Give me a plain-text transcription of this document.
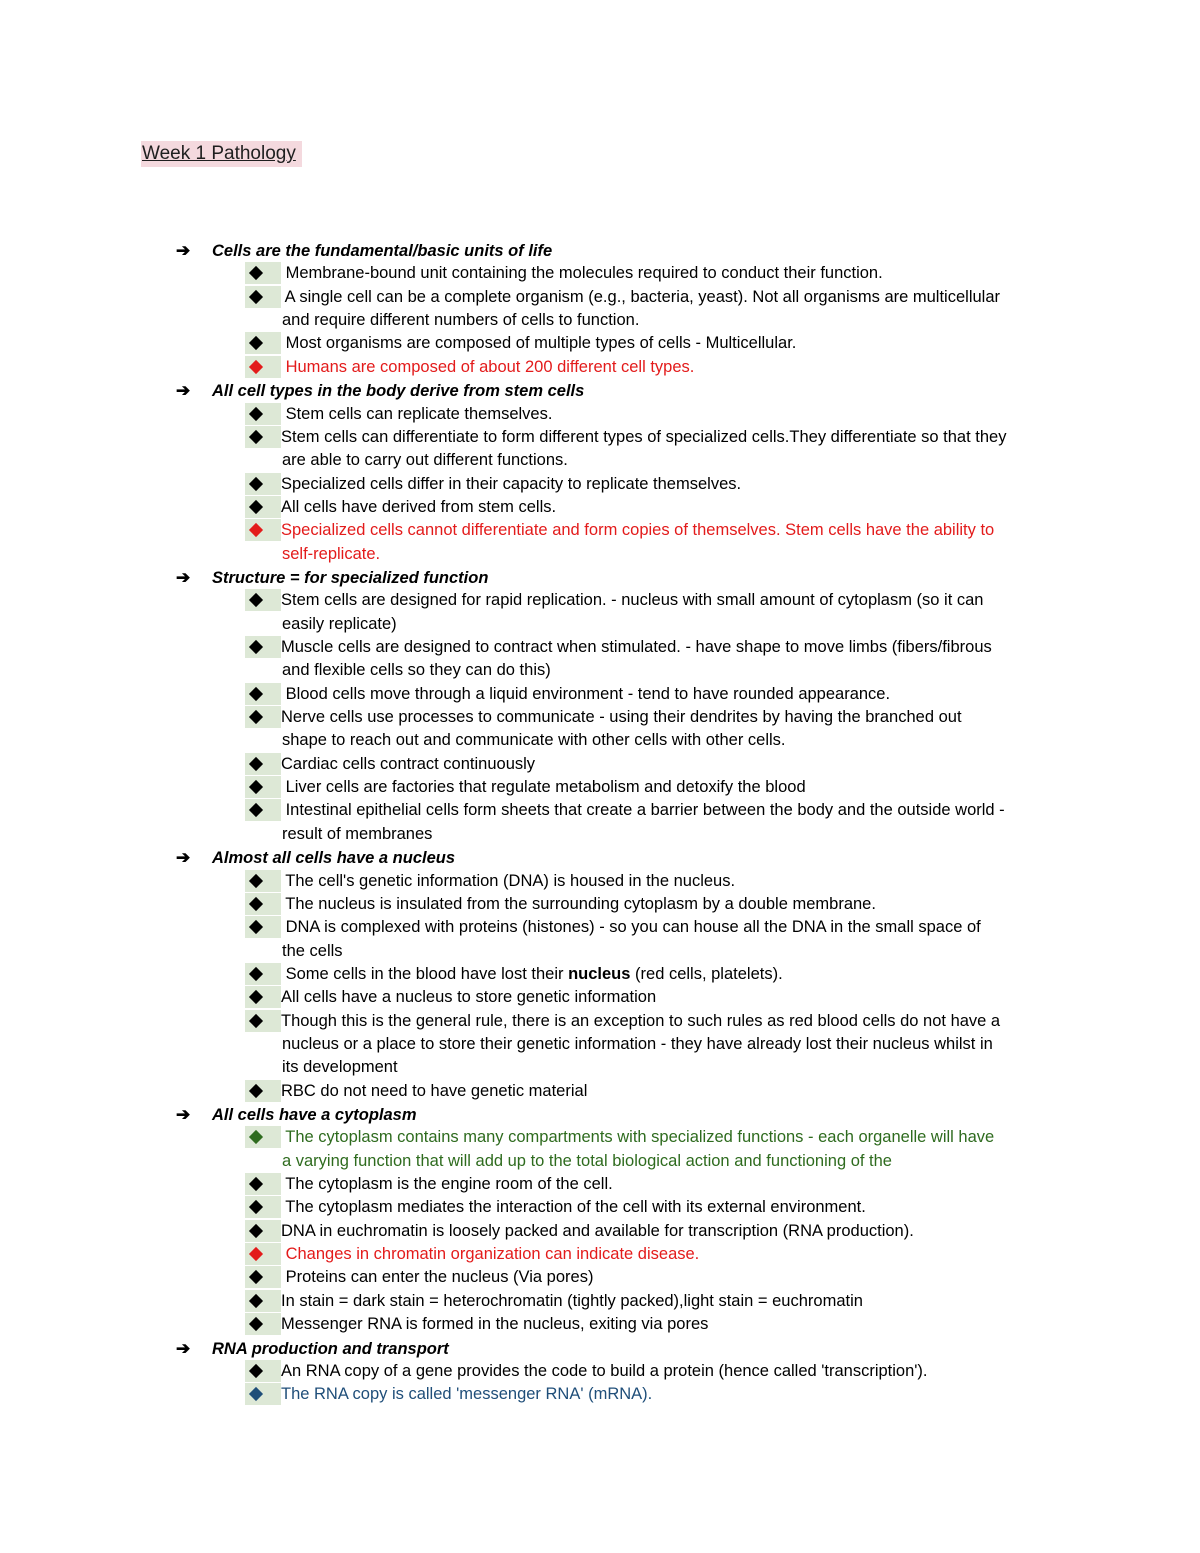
Week 1 Pathology
➔ Cells are the fundamental/basic units of life
Membrane-bound unit containing the molecules required to conduct their function.
A single cell can be a complete organism (e.g., bacteria, yeast). Not all organisms are multicellular
and require different numbers of cells to function.
Most organisms are composed of multiple types of cells - Multicellular.
Humans are composed of about 200 different cell types.
➔ All cell types in the body derive from stem cells
Stem cells can replicate themselves.
Stem cells can differentiate to form different types of specialized cells.They differentiate so that they
are able to carry out different functions.
Specialized cells differ in their capacity to replicate themselves.
All cells have derived from stem cells.
Specialized cells cannot differentiate and form copies of themselves. Stem cells have the ability to
self-replicate.
➔ Structure = for specialized function
Stem cells are designed for rapid replication. - nucleus with small amount of cytoplasm (so it can
easily replicate)
Muscle cells are designed to contract when stimulated. - have shape to move limbs (fibers/fibrous
and flexible cells so they can do this)
Blood cells move through a liquid environment - tend to have rounded appearance.
Nerve cells use processes to communicate - using their dendrites by having the branched out
shape to reach out and communicate with other cells with other cells.
Cardiac cells contract continuously
Liver cells are factories that regulate metabolism and detoxify the blood
Intestinal epithelial cells form sheets that create a barrier between the body and the outside world -
result of membranes
➔ Almost all cells have a nucleus
The cell's genetic information (DNA) is housed in the nucleus.
The nucleus is insulated from the surrounding cytoplasm by a double membrane.
DNA is complexed with proteins (histones) - so you can house all the DNA in the small space of
the cells
Some cells in the blood have lost their nucleus (red cells, platelets).
All cells have a nucleus to store genetic information
Though this is the general rule, there is an exception to such rules as red blood cells do not have a
nucleus or a place to store their genetic information - they have already lost their nucleus whilst in
its development
RBC do not need to have genetic material
➔ All cells have a cytoplasm
The cytoplasm contains many compartments with specialized functions - each organelle will have
a varying function that will add up to the total biological action and functioning of the
The cytoplasm is the engine room of the cell.
The cytoplasm mediates the interaction of the cell with its external environment.
DNA in euchromatin is loosely packed and available for transcription (RNA production).
Changes in chromatin organization can indicate disease.
Proteins can enter the nucleus (Via pores)
In stain = dark stain = heterochromatin (tightly packed),light stain = euchromatin
Messenger RNA is formed in the nucleus, exiting via pores
➔ RNA production and transport
An RNA copy of a gene provides the code to build a protein (hence called 'transcription').
The RNA copy is called 'messenger RNA' (mRNA).
